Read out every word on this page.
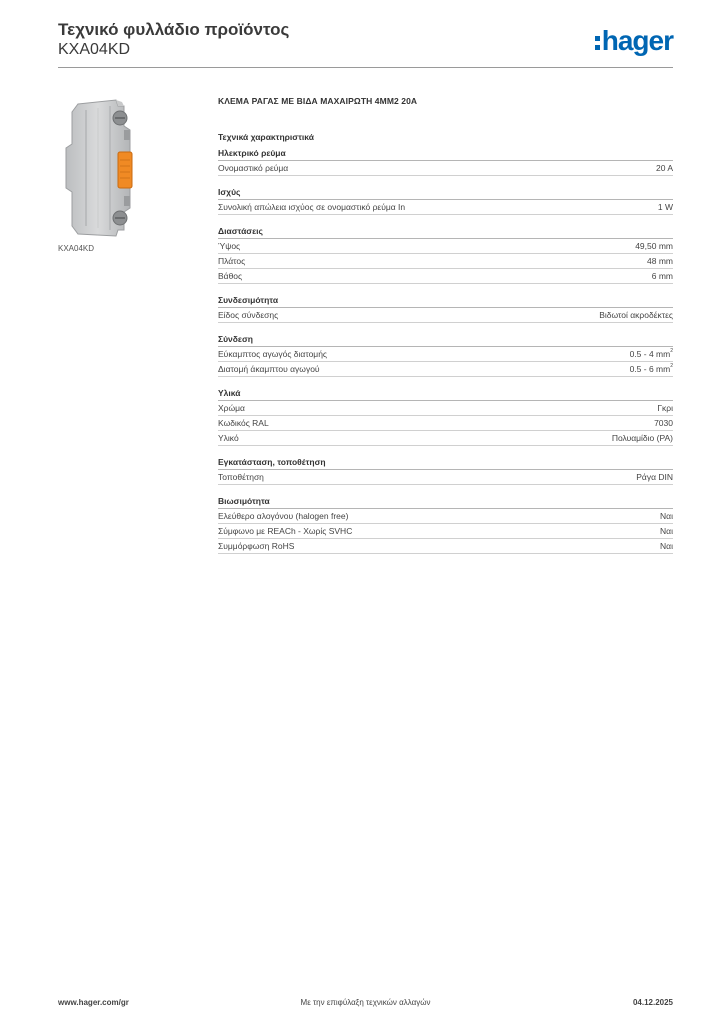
Τεχνικό φυλλάδιο προϊόντος
KXA04KD	hager
KXA04KD
ΚΛΕΜΑ ΡΑΓΑΣ ΜΕ ΒΙΔΑ ΜΑΧΑΙΡΩΤΗ 4MM2 20A
Τεχνικά χαρακτηριστικά
Ηλεκτρικό ρεύμα
Ονομαστικό ρεύμα	20 A
Ισχύς
Συνολική απώλεια ισχύος σε ονομαστικό ρεύμα In	1 W
Διαστάσεις
Ύψος	49,50 mm
Πλάτος	48 mm
Βάθος	6 mm
Συνδεσιμότητα
Είδος σύνδεσης	Βιδωτοί ακροδέκτες
Σύνδεση
Εύκαμπτος αγωγός διατομής	0.5 - 4 $mm^2$
Διατομή άκαμπτου αγωγού	0.5 - 6 $mm^2$
Υλικά
Χρώμα	Γκρι
Κωδικός RAL	7030
Υλικό	Πολυαμίδιο (PA)
Εγκατάσταση, τοποθέτηση
Τοποθέτηση	Ράγα DIN
Βιωσιμότητα
Ελεύθερο αλογόνου (halogen free)	Ναι
Σύμφωνο με REACh - Χωρίς SVHC	Ναι
Συμμόρφωση RoHS	Ναι
www.hager.com/gr	Με την επιφύλαξη τεχνικών αλλαγών	04.12.2025
